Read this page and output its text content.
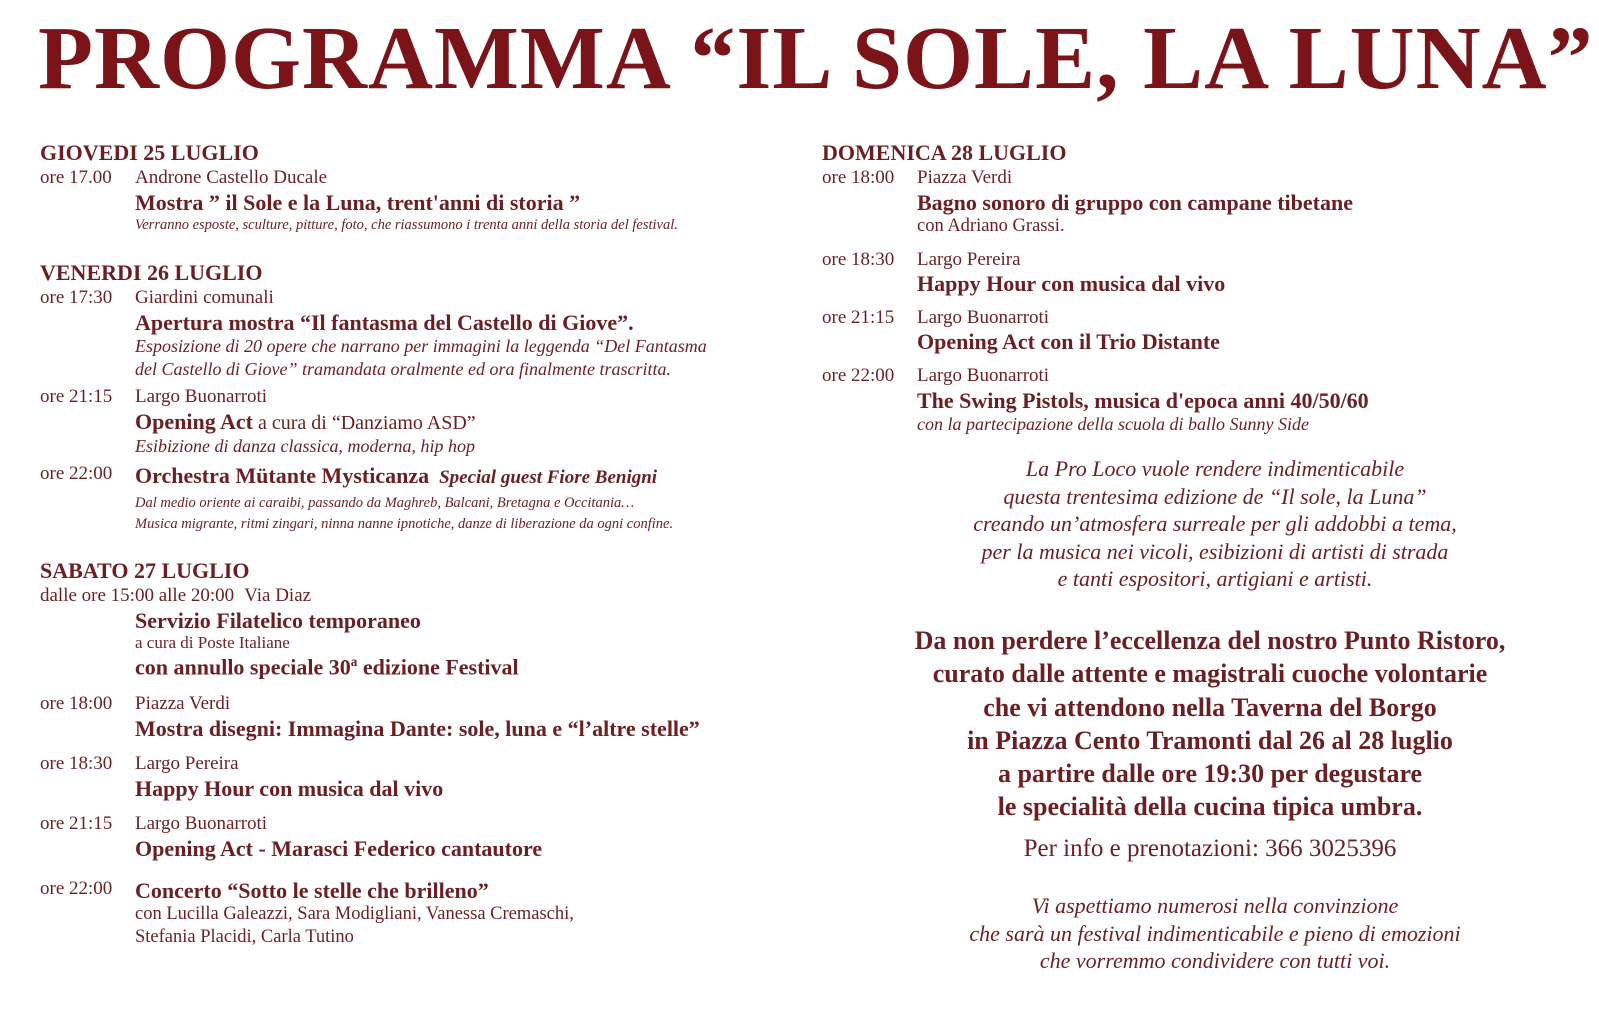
PROGRAMMA “IL SOLE, LA LUNA”
GIOVEDI 25 LUGLIO
ore 17.00	Androne Castello Ducale
Mostra ” il Sole e la Luna, trent'anni di storia ”
Verranno esposte, sculture, pitture, foto, che riassumono i trenta anni della storia del festival.
VENERDI 26 LUGLIO
ore 17:30	Giardini comunali
Apertura mostra “Il fantasma del Castello di Giove”.
Esposizione di 20 opere che narrano per immagini la leggenda “Del Fantasma
del Castello di Giove” tramandata oralmente ed ora finalmente trascritta.
ore 21:15	Largo Buonarroti
Opening Act a cura di “Danziamo ASD”
Esibizione di danza classica, moderna, hip hop
ore 22:00	Orchestra Mütante Mysticanza Special guest Fiore Benigni
Dal medio oriente ai caraibi, passando da Maghreb, Balcani, Bretagna e Occitania…
Musica migrante, ritmi zingari, ninna nanne ipnotiche, danze di liberazione da ogni confine.
SABATO 27 LUGLIO
dalle ore 15:00 alle 20:00 Via Diaz
Servizio Filatelico temporaneo
a cura di Poste Italiane
con annullo speciale 30$^a$ edizione Festival
ore 18:00	Piazza Verdi
Mostra disegni: Immagina Dante: sole, luna e “l’altre stelle”
ore 18:30	Largo Pereira
Happy Hour con musica dal vivo
ore 21:15	Largo Buonarroti
Opening Act - Marasci Federico cantautore
ore 22:00	Concerto “Sotto le stelle che brilleno”
con Lucilla Galeazzi, Sara Modigliani, Vanessa Cremaschi,
Stefania Placidi, Carla Tutino
DOMENICA 28 LUGLIO
ore 18:00	Piazza Verdi
Bagno sonoro di gruppo con campane tibetane
con Adriano Grassi.
ore 18:30	Largo Pereira
Happy Hour con musica dal vivo
ore 21:15	Largo Buonarroti
Opening Act con il Trio Distante
ore 22:00	Largo Buonarroti
The Swing Pistols, musica d'epoca anni 40/50/60
con la partecipazione della scuola di ballo Sunny Side
La Pro Loco vuole rendere indimenticabile
questa trentesima edizione de “Il sole, la Luna”
creando un’atmosfera surreale per gli addobbi a tema,
per la musica nei vicoli, esibizioni di artisti di strada
e tanti espositori, artigiani e artisti.
Da non perdere l’eccellenza del nostro Punto Ristoro,
curato dalle attente e magistrali cuoche volontarie
che vi attendono nella Taverna del Borgo
in Piazza Cento Tramonti dal 26 al 28 luglio
a partire dalle ore 19:30 per degustare
le specialità della cucina tipica umbra.
Per info e prenotazioni: 366 3025396
Vi aspettiamo numerosi nella convinzione
che sarà un festival indimenticabile e pieno di emozioni
che vorremmo condividere con tutti voi.
